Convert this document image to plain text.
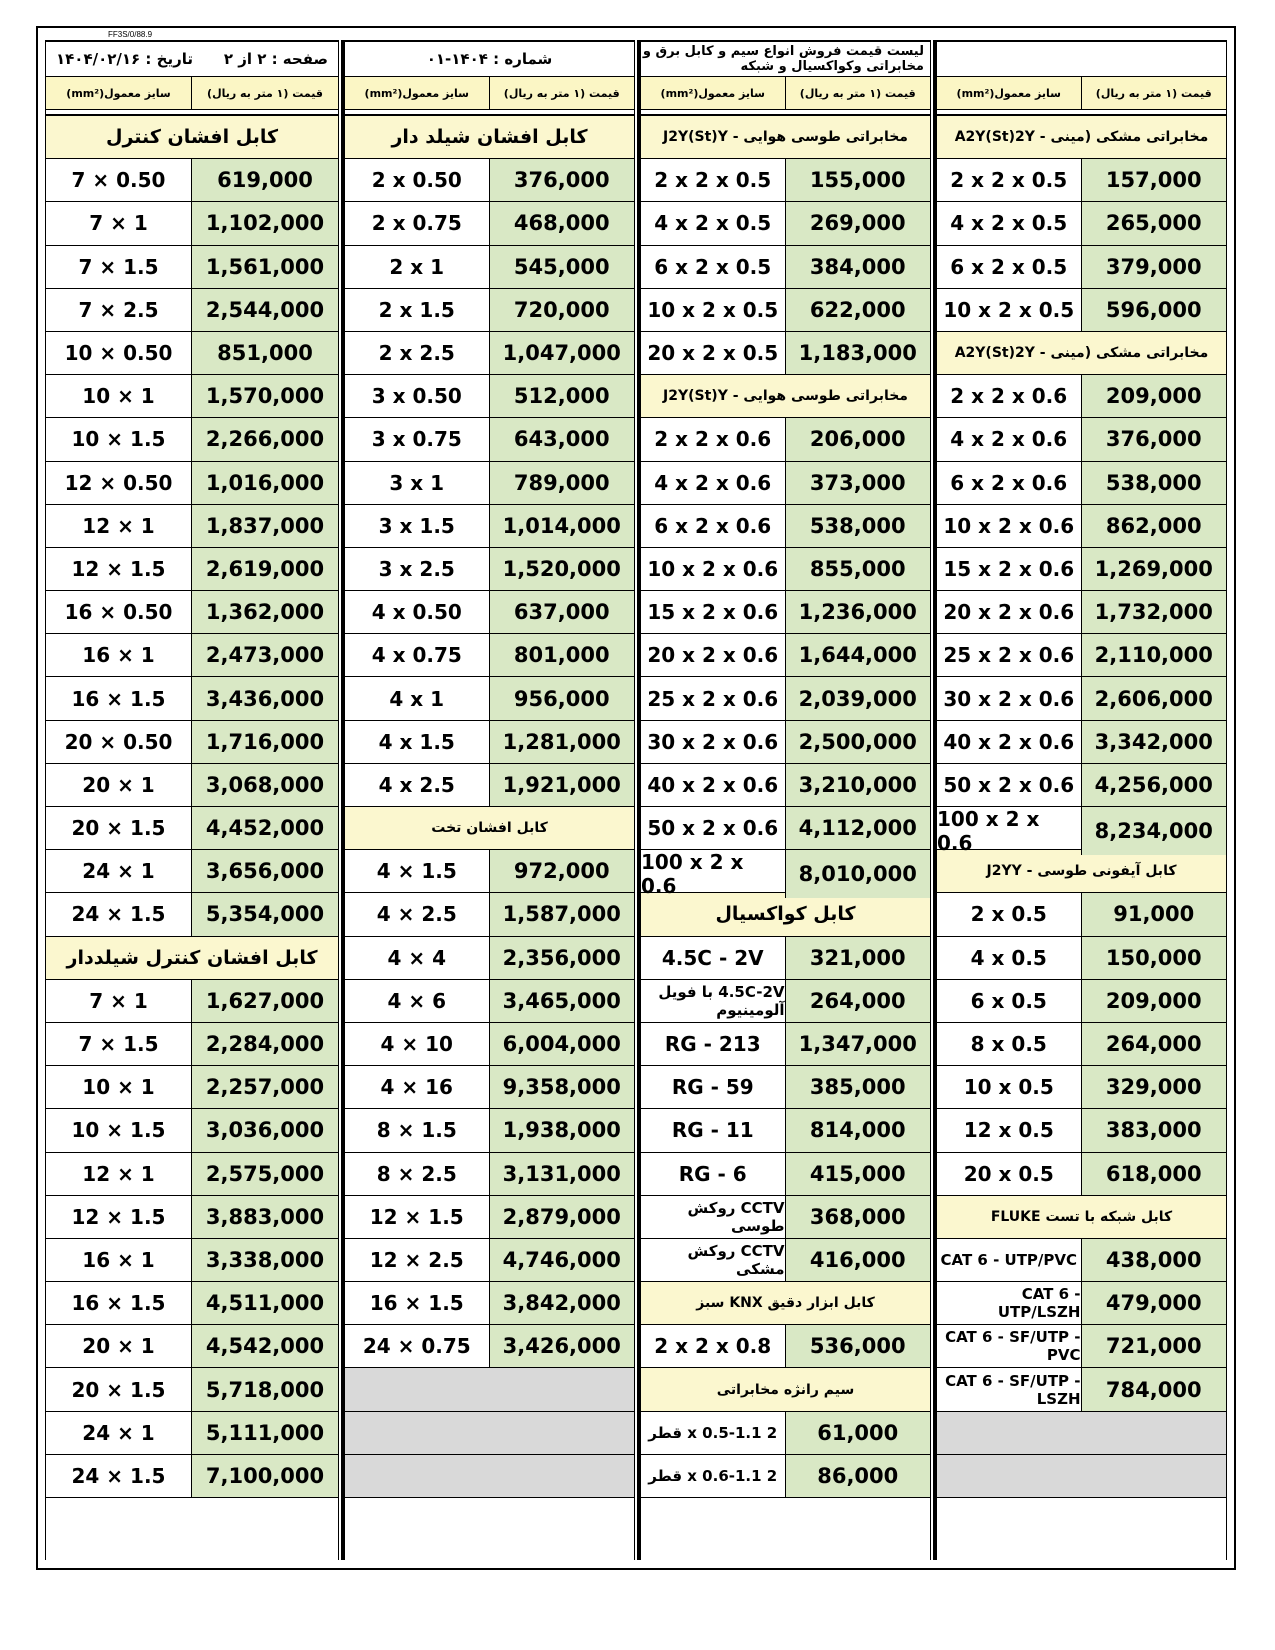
FF3S/0/88.9
صفحه : ۲ از ۲
تاریخ : ۱۴۰۴/۰۲/۱۶
سایز معمول(mm²)	قیمت (۱ متر به ریال)
کابل افشان کنترل
7 × 0.50	619,000
7 × 1	1,102,000
7 × 1.5	1,561,000
7 × 2.5	2,544,000
10 × 0.50	851,000
10 × 1	1,570,000
10 × 1.5	2,266,000
12 × 0.50	1,016,000
12 × 1	1,837,000
12 × 1.5	2,619,000
16 × 0.50	1,362,000
16 × 1	2,473,000
16 × 1.5	3,436,000
20 × 0.50	1,716,000
20 × 1	3,068,000
20 × 1.5	4,452,000
24 × 1	3,656,000
24 × 1.5	5,354,000
کابل افشان کنترل شیلددار
7 × 1	1,627,000
7 × 1.5	2,284,000
10 × 1	2,257,000
10 × 1.5	3,036,000
12 × 1	2,575,000
12 × 1.5	3,883,000
16 × 1	3,338,000
16 × 1.5	4,511,000
20 × 1	4,542,000
20 × 1.5	5,718,000
24 × 1	5,111,000
24 × 1.5	7,100,000
شماره : ۱۴۰۴-۰۱
سایز معمول(mm²)	قیمت (۱ متر به ریال)
کابل افشان شیلد دار
2 x 0.50	376,000
2 x 0.75	468,000
2 x 1	545,000
2 x 1.5	720,000
2 x 2.5	1,047,000
3 x 0.50	512,000
3 x 0.75	643,000
3 x 1	789,000
3 x 1.5	1,014,000
3 x 2.5	1,520,000
4 x 0.50	637,000
4 x 0.75	801,000
4 x 1	956,000
4 x 1.5	1,281,000
4 x 2.5	1,921,000
کابل افشان تخت
4 × 1.5	972,000
4 × 2.5	1,587,000
4 × 4	2,356,000
4 × 6	3,465,000
4 × 10	6,004,000
4 × 16	9,358,000
8 × 1.5	1,938,000
8 × 2.5	3,131,000
12 × 1.5	2,879,000
12 × 2.5	4,746,000
16 × 1.5	3,842,000
24 × 0.75	3,426,000
لیست قیمت فروش انواع سیم و کابل برق و مخابراتی وکواکسیال و شبکه
سایز معمول(mm²)	قیمت (۱ متر به ریال)
مخابراتی طوسی هوایی - J2Y(St)Y
2 x 2 x 0.5	155,000
4 x 2 x 0.5	269,000
6 x 2 x 0.5	384,000
10 x 2 x 0.5	622,000
20 x 2 x 0.5 1,183,000
مخابراتی طوسی هوایی - J2Y(St)Y
2 x 2 x 0.6	206,000
4 x 2 x 0.6	373,000
6 x 2 x 0.6	538,000
10 x 2 x 0.6	855,000
15 x 2 x 0.6 1,236,000
20 x 2 x 0.6 1,644,000
25 x 2 x 0.6 2,039,000
30 x 2 x 0.6 2,500,000
40 x 2 x 0.6 3,210,000
50 x 2 x 0.6 4,112,000
100 x 2 x 0.6	8,010,000
کابل کواکسیال
4.5C - 2V	321,000
4.5C-2V با فویل آلومینیوم	264,000
RG - 213	1,347,000
RG - 59	385,000
RG - 11	814,000
RG - 6	415,000
CCTV روکش طوسی	368,000
CCTV روکش مشکی	416,000
کابل ابزار دقیق KNX سبز
2 x 2 x 0.8	536,000
سیم رانژه مخابراتی
2 x 0.5-1.1 قطر	61,000
2 x 0.6-1.1 قطر	86,000
سایز معمول(mm²)	قیمت (۱ متر به ریال)
مخابراتی مشکی (مینی - A2Y(St)2Y
2 x 2 x 0.5	157,000
4 x 2 x 0.5	265,000
6 x 2 x 0.5	379,000
10 x 2 x 0.5	596,000
مخابراتی مشکی (مینی - A2Y(St)2Y
2 x 2 x 0.6	209,000
4 x 2 x 0.6	376,000
6 x 2 x 0.6	538,000
10 x 2 x 0.6	862,000
15 x 2 x 0.6 1,269,000
20 x 2 x 0.6 1,732,000
25 x 2 x 0.6 2,110,000
30 x 2 x 0.6 2,606,000
40 x 2 x 0.6 3,342,000
50 x 2 x 0.6 4,256,000
100 x 2 x 0.6	8,234,000
کابل آیفونی طوسی - J2YY
2 x 0.5	91,000
4 x 0.5	150,000
6 x 0.5	209,000
8 x 0.5	264,000
10 x 0.5	329,000
12 x 0.5	383,000
20 x 0.5	618,000
کابل شبکه با تست FLUKE
CAT 6 - UTP/PVC	438,000
CAT 6 - UTP/LSZH	479,000
CAT 6 - SF/UTP - PVC	721,000
CAT 6 - SF/UTP - LSZH	784,000
